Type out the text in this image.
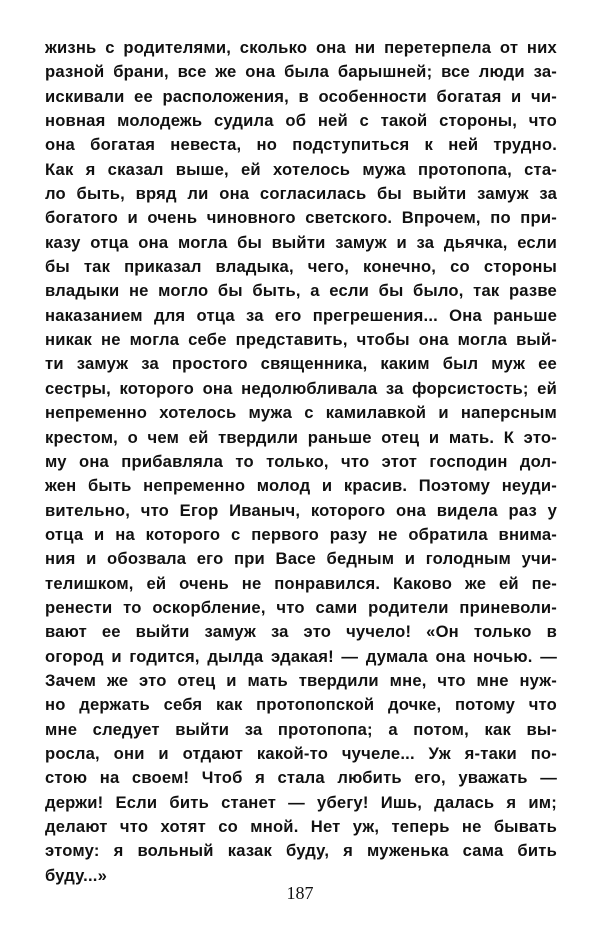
жизнь с родителями, сколько она ни перетерпела от них
разной брани, все же она была барышней; все люди за-
искивали ее расположения, в особенности богатая и чи-
новная молодежь судила об ней с такой стороны, что
она богатая невеста, но подступиться к ней трудно.
Как я сказал выше, ей хотелось мужа протопопа, ста-
ло быть, вряд ли она согласилась бы выйти замуж за
богатого и очень чиновного светского. Впрочем, по при-
казу отца она могла бы выйти замуж и за дьячка, если
бы так приказал владыка, чего, конечно, со стороны
владыки не могло бы быть, а если бы было, так разве
наказанием для отца за его прегрешения... Она раньше
никак не могла себе представить, чтобы она могла вый-
ти замуж за простого священника, каким был муж ее
сестры, которого она недолюбливала за форсистость; ей
непременно хотелось мужа с камилавкой и наперсным
крестом, о чем ей твердили раньше отец и мать. К это-
му она прибавляла то только, что этот господин дол-
жен быть непременно молод и красив. Поэтому неуди-
вительно, что Егор Иваныч, которого она видела раз у
отца и на которого с первого разу не обратила внима-
ния и обозвала его при Васе бедным и голодным учи-
телишком, ей очень не понравился. Каково же ей пе-
ренести то оскорбление, что сами родители приневоли-
вают ее выйти замуж за это чучело! «Он только в
огород и годится, дылда эдакая! — думала она ночью. —
Зачем же это отец и мать твердили мне, что мне нуж-
но держать себя как протопопской дочке, потому что
мне следует выйти за протопопа; а потом, как вы-
росла, они и отдают какой-то чучеле... Уж я-таки по-
стою на своем! Чтоб я стала любить его, уважать —
держи! Если бить станет — убегу! Ишь, далась я им;
делают что хотят со мной. Нет уж, теперь не бывать
этому: я вольный казак буду, я муженька сама бить
буду...»
187
